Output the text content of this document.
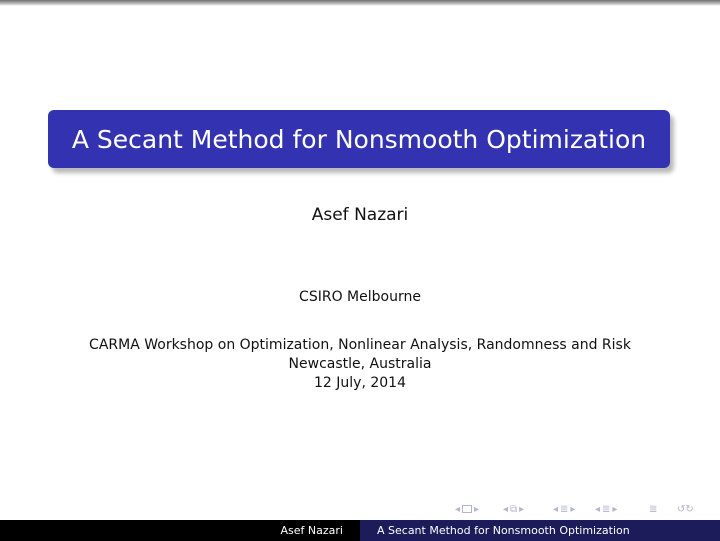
A Secant Method for Nonsmooth Optimization
Asef Nazari
CSIRO Melbourne
CARMA Workshop on Optimization, Nonlinear Analysis, Randomness and Risk
Newcastle, Australia
12 July, 2014
◂ ▸ ◂ ⧉ ▸	◂ ≣ ▸ ◂ ≣ ▸	≣ ↺↻
Asef Nazari	A Secant Method for Nonsmooth Optimization
